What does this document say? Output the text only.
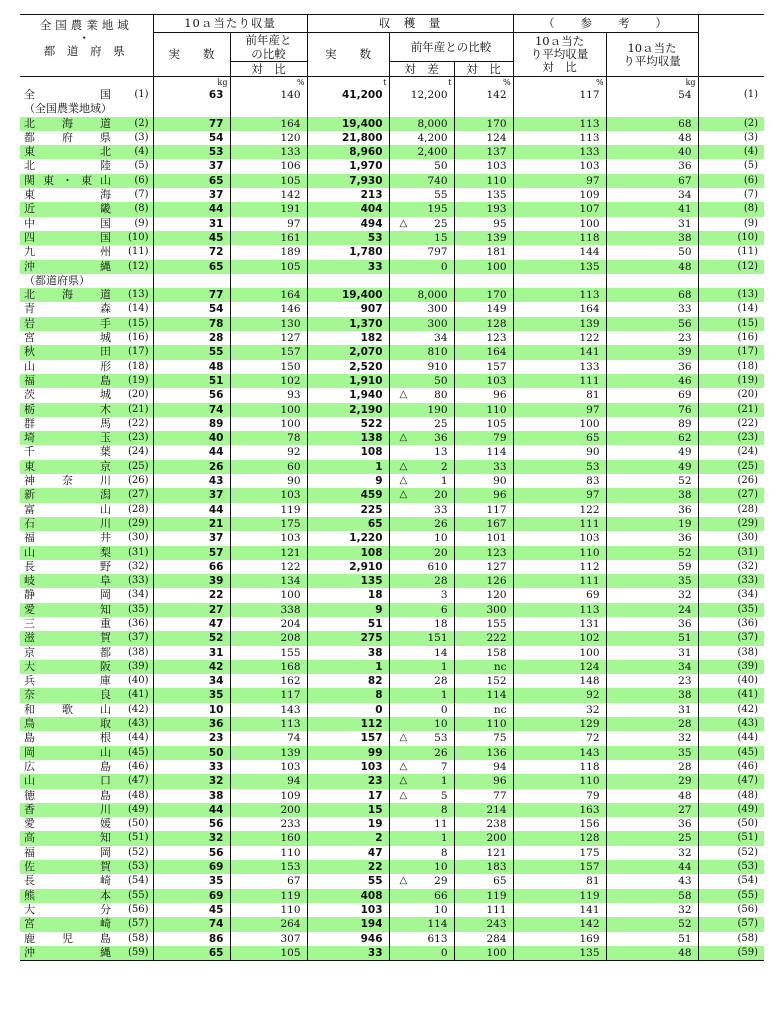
全国農業地域
・
都 道 府 県	10ａ当たり収量		収　穫　量			（　　参　　考　　）		
	実　　数	前年産との比較	実　　数	前年産との比較		10ａ当たり平均収量対　比	10ａ当たり平均収量	
		対　比		対　差	対　比			
	kg	%	t	t	%	%	kg	
全　　　国 (1)	63	140	41,200	12,200	142	117	54	(1)
（全国農業地域）								
北海道 (2)	77	164	19,400	8,000	170	113	68	(2)
都府県 (3)	54	120	21,800	4,200	124	113	48	(3)
東北 (4)	53	133	8,960	2,400	137	133	40	(4)
北陸 (5)	37	106	1,970	50	103	103	36	(5)
関東・東山 (6)	65	105	7,930	740	110	97	67	(6)
東海 (7)	37	142	213	55	135	109	34	(7)
近畿 (8)	44	191	404	195	193	107	41	(8)
中国 (9)	31	97	494	△ 25	95	100	31	(9)
四国 (10)	45	161	53	15	139	118	38	(10)
九州 (11)	72	189	1,780	797	181	144	50	(11)
沖縄 (12)	65	105	33	0	100	135	48	(12)
（都道府県）								
北海道 (13)	77	164	19,400	8,000	170	113	68	(13)
青森 (14)	54	146	907	300	149	164	33	(14)
岩手 (15)	78	130	1,370	300	128	139	56	(15)
宮城 (16)	28	127	182	34	123	122	23	(16)
秋田 (17)	55	157	2,070	810	164	141	39	(17)
山形 (18)	48	150	2,520	910	157	133	36	(18)
福島 (19)	51	102	1,910	50	103	111	46	(19)
茨城 (20)	56	93	1,940	△ 80	96	81	69	(20)
栃木 (21)	74	100	2,190	190	110	97	76	(21)
群馬 (22)	89	100	522	25	105	100	89	(22)
埼玉 (23)	40	78	138	△ 36	79	65	62	(23)
千葉 (24)	44	92	108	13	114	90	49	(24)
東京 (25)	26	60	1	△ 2	33	53	49	(25)
神奈川 (26)	43	90	9	△ 1	90	83	52	(26)
新潟 (27)	37	103	459	△ 20	96	97	38	(27)
富山 (28)	44	119	225	33	117	122	36	(28)
石川 (29)	21	175	65	26	167	111	19	(29)
福井 (30)	37	103	1,220	10	101	103	36	(30)
山梨 (31)	57	121	108	20	123	110	52	(31)
長野 (32)	66	122	2,910	610	127	112	59	(32)
岐阜 (33)	39	134	135	28	126	111	35	(33)
静岡 (34)	22	100	18	3	120	69	32	(34)
愛知 (35)	27	338	9	6	300	113	24	(35)
三重 (36)	47	204	51	18	155	131	36	(36)
滋賀 (37)	52	208	275	151	222	102	51	(37)
京都 (38)	31	155	38	14	158	100	31	(38)
大阪 (39)	42	168	1	1	nc	124	34	(39)
兵庫 (40)	34	162	82	28	152	148	23	(40)
奈良 (41)	35	117	8	1	114	92	38	(41)
和歌山 (42)	10	143	0	0	nc	32	31	(42)
鳥取 (43)	36	113	112	10	110	129	28	(43)
島根 (44)	23	74	157	△ 53	75	72	32	(44)
岡山 (45)	50	139	99	26	136	143	35	(45)
広島 (46)	33	103	103	△ 7	94	118	28	(46)
山口 (47)	32	94	23	△ 1	96	110	29	(47)
徳島 (48)	38	109	17	△ 5	77	79	48	(48)
香川 (49)	44	200	15	8	214	163	27	(49)
愛媛 (50)	56	233	19	11	238	156	36	(50)
高知 (51)	32	160	2	1	200	128	25	(51)
福岡 (52)	56	110	47	8	121	175	32	(52)
佐賀 (53)	69	153	22	10	183	157	44	(53)
長崎 (54)	35	67	55	△ 29	65	81	43	(54)
熊本 (55)	69	119	408	66	119	119	58	(55)
大分 (56)	45	110	103	10	111	141	32	(56)
宮崎 (57)	74	264	194	114	243	142	52	(57)
鹿児島 (58)	86	307	946	613	284	169	51	(58)
沖縄 (59)	65	105	33	0	100	135	48	(59)
